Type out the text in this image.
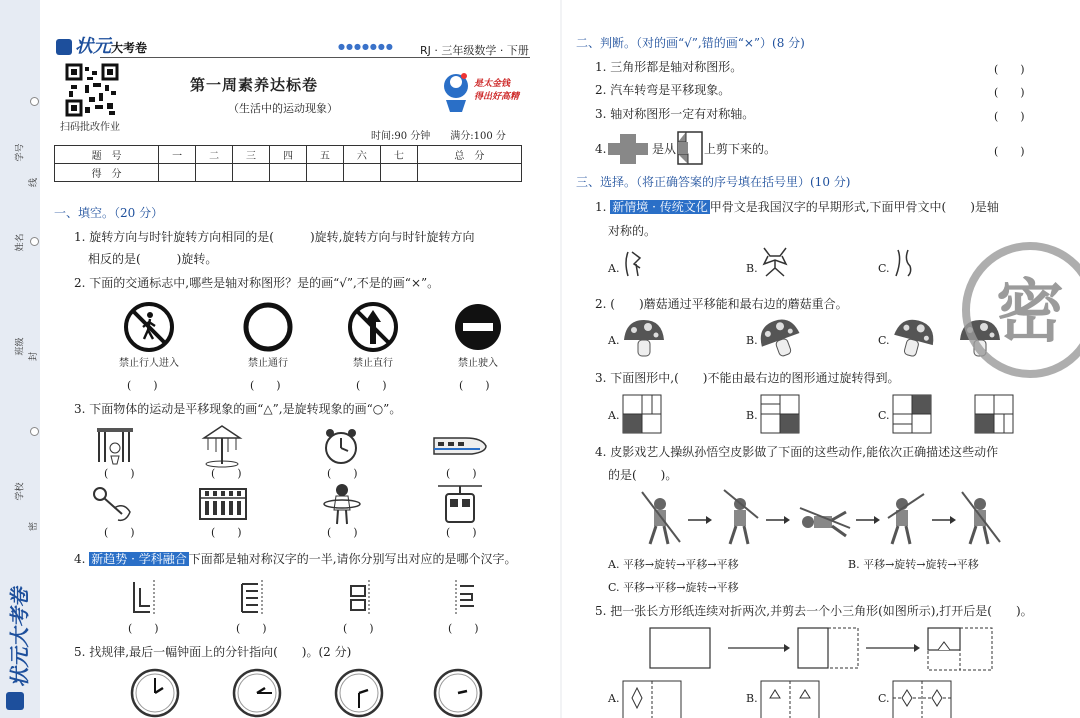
学号
姓名
班级
学校
线
封
密
状元大考卷
状元大考卷	●●●●●●● RJ · 三年级数学 · 下册
扫码批改作业
第一周素养达标卷
（生活中的运动现象）
时间:90 分钟　　满分:100 分
是太金钱
得出好高精
题　号	一	二	三	四	五	六	七	总　分
得　分								
一、填空。（20 分）
1. 旋转方向与时针旋转方向相同的是(　　　)旋转,旋转方向与时针旋转方向
相反的是(　　　)旋转。
2. 下面的交通标志中,哪些是轴对称图形？是的画“√”,不是的画“×”。
禁止行人进入	禁止通行	禁止直行	禁止驶入
(　　)	(　　)	(　　)	(　　)
3. 下面物体的运动是平移现象的画“△”,是旋转现象的画“○”。
(　　)	(　　)	(　　)	(　　)
(　　)	(　　)	(　　)	(　　)
4. 新趋势 · 学科融合 下面都是轴对称汉字的一半,请你分别写出对应的是哪个汉字。
(　　)	(　　)	(　　)	(　　)
5. 找规律,最后一幅钟面上的分针指向(　　)。(2 分)
二、判断。（对的画“√”,错的画“×”）(8 分)
1. 三角形都是轴对称图形。
2. 汽车转弯是平移现象。
3. 轴对称图形一定有对称轴。
(　　)
(　　)
(　　)
4.	是从 上剪下来的。	(　　)
三、选择。（将正确答案的序号填在括号里）(10 分)
1. 新情境 · 传统文化 甲骨文是我国汉字的早期形式,下面甲骨文中(　　)是轴
对称的。
A.	B.	C.
2. (　　)蘑菇通过平移能和最右边的蘑菇重合。
A.	B.	C.
3. 下面图形中,(　　)不能由最右边的图形通过旋转得到。
A.	B.	C.
4. 皮影戏艺人操纵孙悟空皮影做了下面的这些动作,能依次正确描述这些动作
的是(　　)。
A. 平移→旋转→平移→平移	B. 平移→旋转→旋转→平移
C. 平移→平移→旋转→平移
5. 把一张长方形纸连续对折两次,并剪去一个小三角形(如图所示),打开后是(　　)。
A.	B.	C.
密
